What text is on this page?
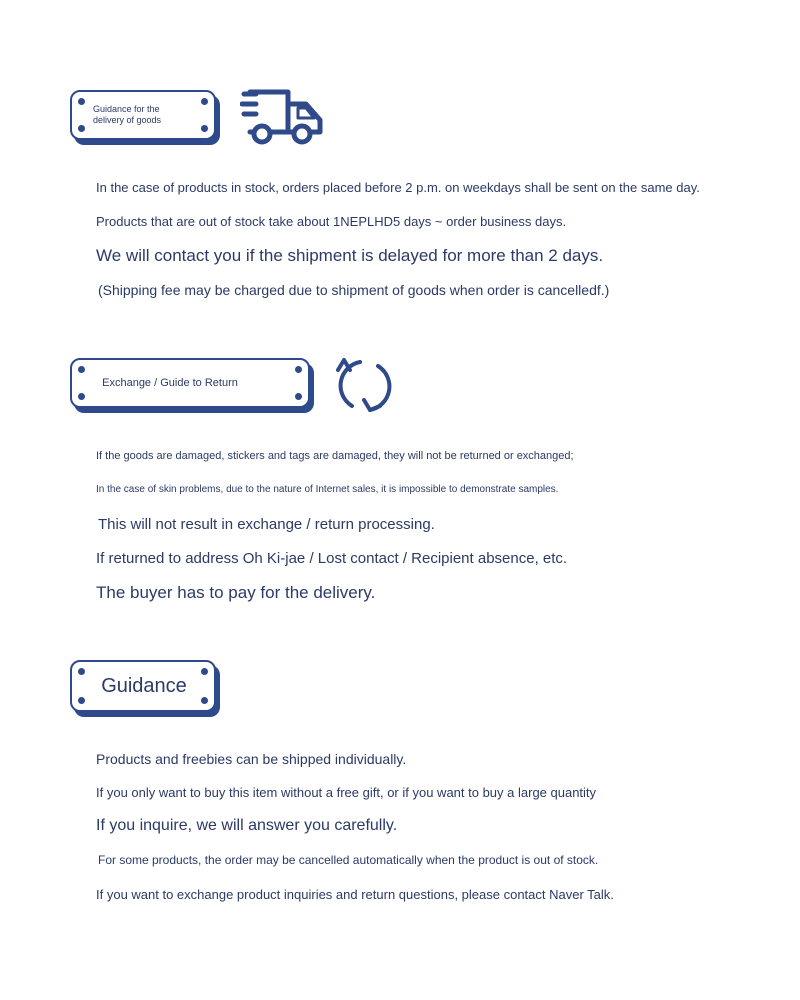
Guidance for the delivery of goods
In the case of products in stock, orders placed before 2 p.m. on weekdays shall be sent on the same day.
Products that are out of stock take about 1NEPLHD5 days ~ order business days.
We will contact you if the shipment is delayed for more than 2 days.
(Shipping fee may be charged due to shipment of goods when order is cancelledf.)
Exchange / Guide to Return
If the goods are damaged, stickers and tags are damaged, they will not be returned or exchanged;
In the case of skin problems, due to the nature of Internet sales, it is impossible to demonstrate samples.
This will not result in exchange / return processing.
If returned to address Oh Ki-jae / Lost contact / Recipient absence, etc.
The buyer has to pay for the delivery.
Guidance
Products and freebies can be shipped individually.
If you only want to buy this item without a free gift, or if you want to buy a large quantity
If you inquire, we will answer you carefully.
For some products, the order may be cancelled automatically when the product is out of stock.
If you want to exchange product inquiries and return questions, please contact Naver Talk.
